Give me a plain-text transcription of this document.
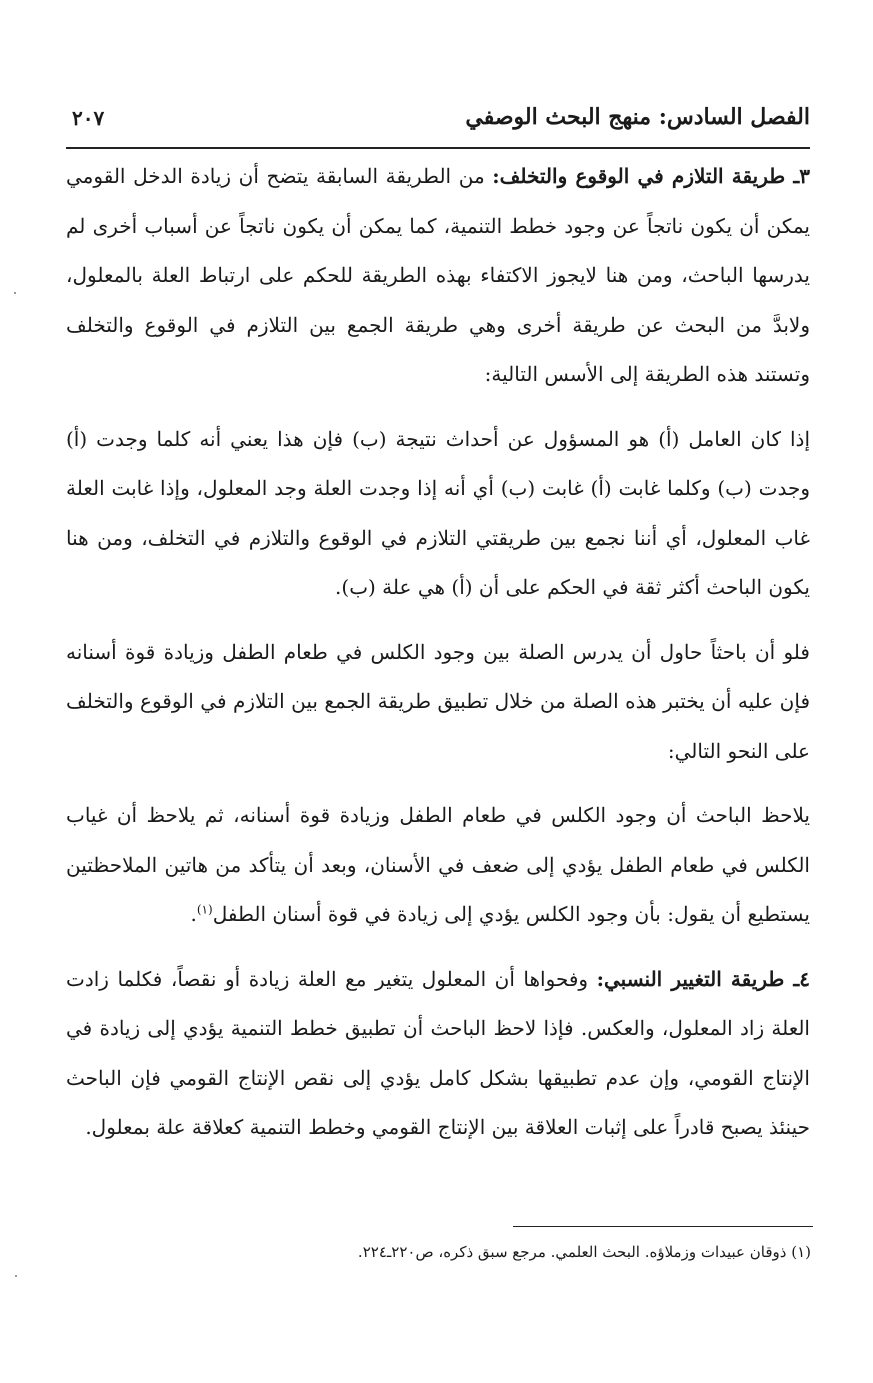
الفصل السادس: منهج البحث الوصفي
٢٠٧

٣ـ طريقة التلازم في الوقوع والتخلف: من الطريقة السابقة يتضح أن زيادة الدخل القومي يمكن أن يكون ناتجاً عن وجود خطط التنمية، كما يمكن أن يكون ناتجاً عن أسباب أخرى لم يدرسها الباحث، ومن هنا لايجوز الاكتفاء بهذه الطريقة للحكم على ارتباط العلة بالمعلول، ولابدَّ من البحث عن طريقة أخرى وهي طريقة الجمع بين التلازم في الوقوع والتخلف وتستند هذه الطريقة إلى الأسس التالية:

إذا كان العامل (أ) هو المسؤول عن أحداث نتيجة (ب) فإن هذا يعني أنه كلما وجدت (أ) وجدت (ب) وكلما غابت (أ) غابت (ب) أي أنه إذا وجدت العلة وجد المعلول، وإذا غابت العلة غاب المعلول، أي أننا نجمع بين طريقتي التلازم في الوقوع والتلازم في التخلف، ومن هنا يكون الباحث أكثر ثقة في الحكم على أن (أ) هي علة (ب).

فلو أن باحثاً حاول أن يدرس الصلة بين وجود الكلس في طعام الطفل وزيادة قوة أسنانه فإن عليه أن يختبر هذه الصلة من خلال تطبيق طريقة الجمع بين التلازم في الوقوع والتخلف على النحو التالي:

يلاحظ الباحث أن وجود الكلس في طعام الطفل وزيادة قوة أسنانه، ثم يلاحظ أن غياب الكلس في طعام الطفل يؤدي إلى ضعف في الأسنان، وبعد أن يتأكد من هاتين الملاحظتين يستطيع أن يقول: بأن وجود الكلس يؤدي إلى زيادة في قوة أسنان الطفل$^{(١)}$.

٤ـ طريقة التغيير النسبي: وفحواها أن المعلول يتغير مع العلة زيادة أو نقصاً، فكلما زادت العلة زاد المعلول، والعكس. فإذا لاحظ الباحث أن تطبيق خطط التنمية يؤدي إلى زيادة في الإنتاج القومي، وإن عدم تطبيقها بشكل كامل يؤدي إلى نقص الإنتاج القومي فإن الباحث حينئذ يصبح قادراً على إثبات العلاقة بين الإنتاج القومي وخطط التنمية كعلاقة علة بمعلول.

(١) ذوقان عبيدات وزملاؤه. البحث العلمي. مرجع سبق ذكره، ص٢٢٠ـ٢٢٤.
